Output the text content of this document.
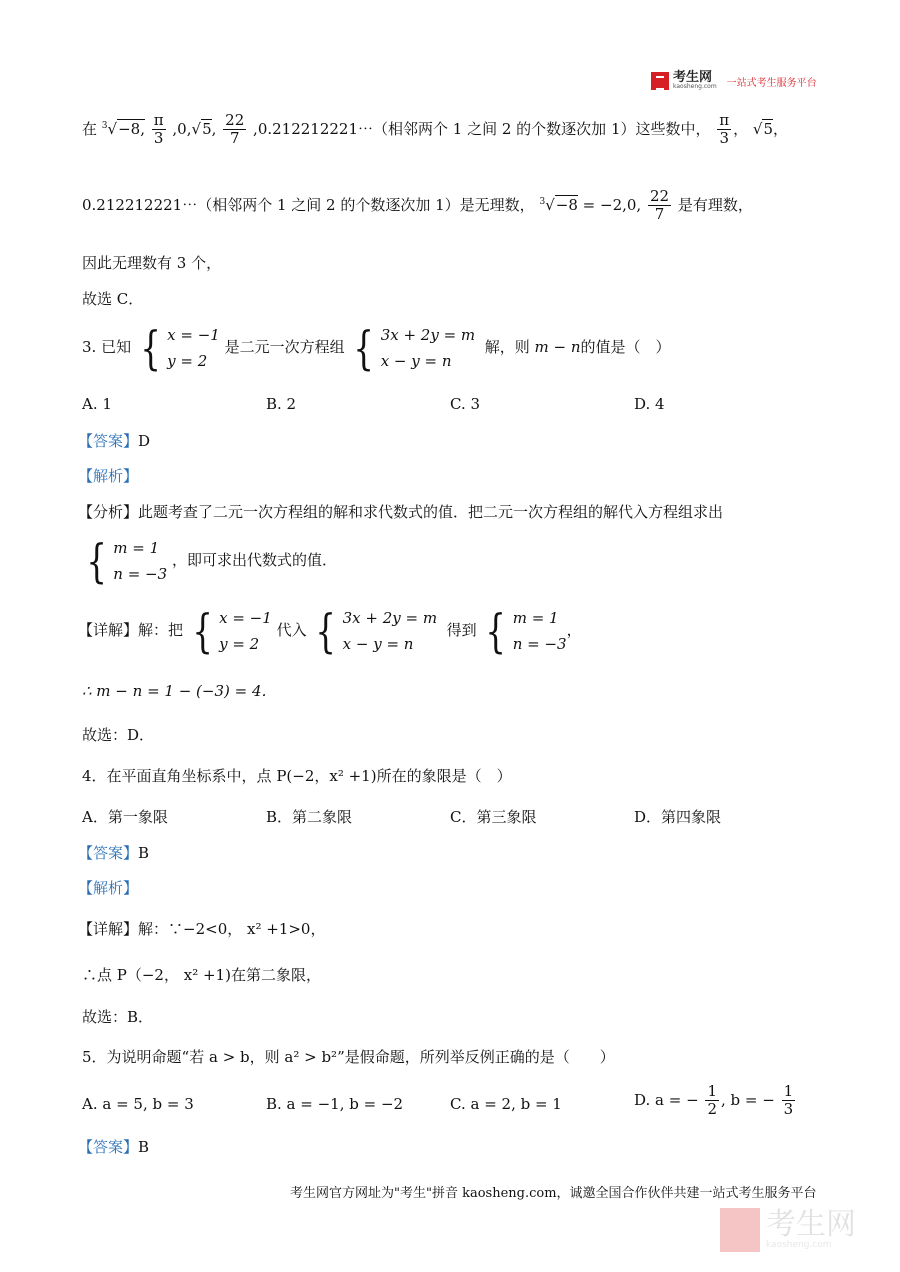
考生网
kaosheng.com 一站式考生服务平台
在 $^3$√−8, $\frac{\pi}{3} ,0,√5$, $\frac{22}{7}$ ,0.212212221⋯（相邻两个 1 之间 2 的个数逐次加 1）这些数中， $\frac{\pi}{3}$ ， √5，
0.212212221⋯（相邻两个 1 之间 2 的个数逐次加 1）是无理数， $^3$√−8 = −2,0, $\frac{22}{7}$ 是有理数，
因此无理数有 3 个，
故选 C．
3. 已知 { x = −1
y = 2
是二元一次方程组 { 3x + 2y = m
x − y = n
解，则 m − n的值是（　）
A. 1	B. 2	C. 3	D. 4
【答案】D
【解析】
【分析】此题考查了二元一次方程组的解和求代数式的值．把二元一次方程组的解代入方程组求出
{ m = 1
n = −3
，即可求出代数式的值．
【详解】解：把 { x = −1
y = 2
代入 { 3x + 2y = m
x − y = n
得到 { m = 1
n = −3
，
∴ m − n = 1 − (−3) = 4．
故选：D．
4．在平面直角坐标系中，点 P(−2，x² +1)所在的象限是（　）
A．第一象限	B．第二象限	C．第三象限	D．第四象限
【答案】B
【解析】
【详解】解：∵−2<0， x² +1>0，
∴点 P（−2， x² +1)在第二象限，
故选：B．
5．为说明命题“若 a > b，则 a² > b²”是假命题，所列举反例正确的是（　　）
A. a = 5, b = 3	B. a = −1, b = −2	C. a = 2, b = 1	D. a = − $\frac{1}{2}$ , b = − $\frac{1}{3}$
【答案】B
考生网官方网址为"考生"拼音 kaosheng.com，诚邀全国合作伙伴共建一站式考生服务平台
考生网
kaosheng.com
